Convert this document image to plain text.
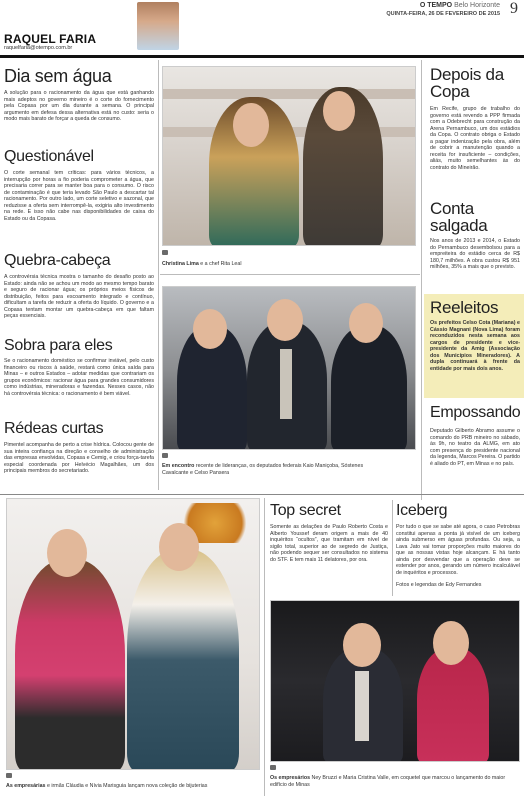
O TEMPO Belo Horizonte
QUINTA-FEIRA, 26 DE FEVEREIRO DE 2015 9
RAQUEL FARIA
raquelfaria@otempo.com.br
Dia sem água
A solução para o racionamento da água que está ganhando mais adeptos no governo mineiro é o corte do fornecimento pela Copasa por um dia durante a semana. O principal argumento em defesa dessa alternativa está no custo: seria o modo mais barato de forçar a queda de consumo.
Questionável
O corte semanal tem críticas: para vários técnicos, a interrupção por horas a fio poderia comprometer a água, que precisaria correr para se manter boa para o consumo. O risco de contaminação é que teria levado São Paulo a descartar tal racionamento. Por outro lado, um corte seletivo e sazonal, que reduzisse a oferta sem interrompê-la, exigiria alto investimento na rede. E isso não cabe nas disponibilidades de caixa do Estado ou da Copasa.
Quebra-cabeça
A controvérsia técnica mostra o tamanho do desafio posto ao Estado: ainda não se achou um modo ao mesmo tempo barato e seguro de racionar água; os próprios meios físicos de distribuição, feitos para escoamento integrado e contínuo, dificultam a tarefa de reduzir a oferta do líquido. O governo e a Copasa tentam montar um quebra-cabeça em que faltam peças essenciais.
Sobra para eles
Se o racionamento doméstico se confirmar inviável, pelo custo financeiro ou riscos à saúde, restará como única saída para Minas – e outros Estados – adotar medidas que contrariam os grupos econômicos: racionar água para grandes consumidores como indústrias, mineradoras e fazendas. Nesses casos, não há controvérsia técnica: o racionamento é bem viável.
Rédeas curtas
Pimentel acompanha de perto a crise hídrica. Colocou gente de sua inteira confiança na direção e conselho de administração das empresas envolvidas, Copasa e Cemig, e criou força-tarefa especial coordenada por Helvécio Magalhães, um dos principais membros do secretariado.
Christina Lima e a chef Rita Leal
Em encontro recente de lideranças, os deputados federais Kaio Maniçoba, Sóstenes Cavalcante e Celso Pansera
Depois da Copa
Em Recife, grupo de trabalho do governo está revendo a PPP firmada com a Odebrecht para construção da Arena Pernambuco, um dos estádios da Copa. O contrato obriga o Estado a pagar indenização pela obra, além de cobrir a manutenção quando a receita for insuficiente – condições, aliás, muito semelhantes às do contrato do Mineirão.
Conta salgada
Nos anos de 2013 e 2014, o Estado do Pernambuco desembolsou para a empreiteira do estádio cerca de R$ 180,7 milhões. A obra custou R$ 951 milhões, 35% a mais que o previsto.
Reeleitos
Os prefeitos Celso Cota (Mariana) e Cássio Magnani (Nova Lima) foram reconduzidos nesta semana aos cargos de presidente e vice-presidente da Amig (Associação dos Municípios Mineradores). A dupla continuará à frente da entidade por mais dois anos.
Empossando
Deputado Gilberto Abramo assume o comando do PRB mineiro no sábado, às 9h, no teatro da ALMG, em ato com presença do presidente nacional da legenda, Marcos Pereira. O partido é aliado do PT, em Minas e no país.
As empresárias e irmãs Cláudia e Nívia Marisguia lançam nova coleção de bijuterias
Top secret
Somente as delações de Paulo Roberto Costa e Alberto Youssef deram origem a mais de 40 inquéritos “ocultos”, que tramitam em nível de sigilo total, superior ao de segredo de Justiça, não podendo sequer ser consultados no sistema do STF. E tem mais 11 delatores, por ora.
Iceberg
Por tudo o que se sabe até agora, o caso Petrobras constitui apenas a ponta já visível de um iceberg ainda submerso em águas profundas. Ou seja, a Lava Jato vai tomar proporções muito maiores do que as nossas vistas hoje alcançam. E há tanto ainda por desvendar que a operação deve se estender por anos, gerando um número incalculável de inquéritos e processos.
Fotos e legendas de Edy Fernandes
Os empresários Ney Bruzzi e Maria Cristina Valle, em coquetel que marcou o lançamento do maior edifício de Minas
